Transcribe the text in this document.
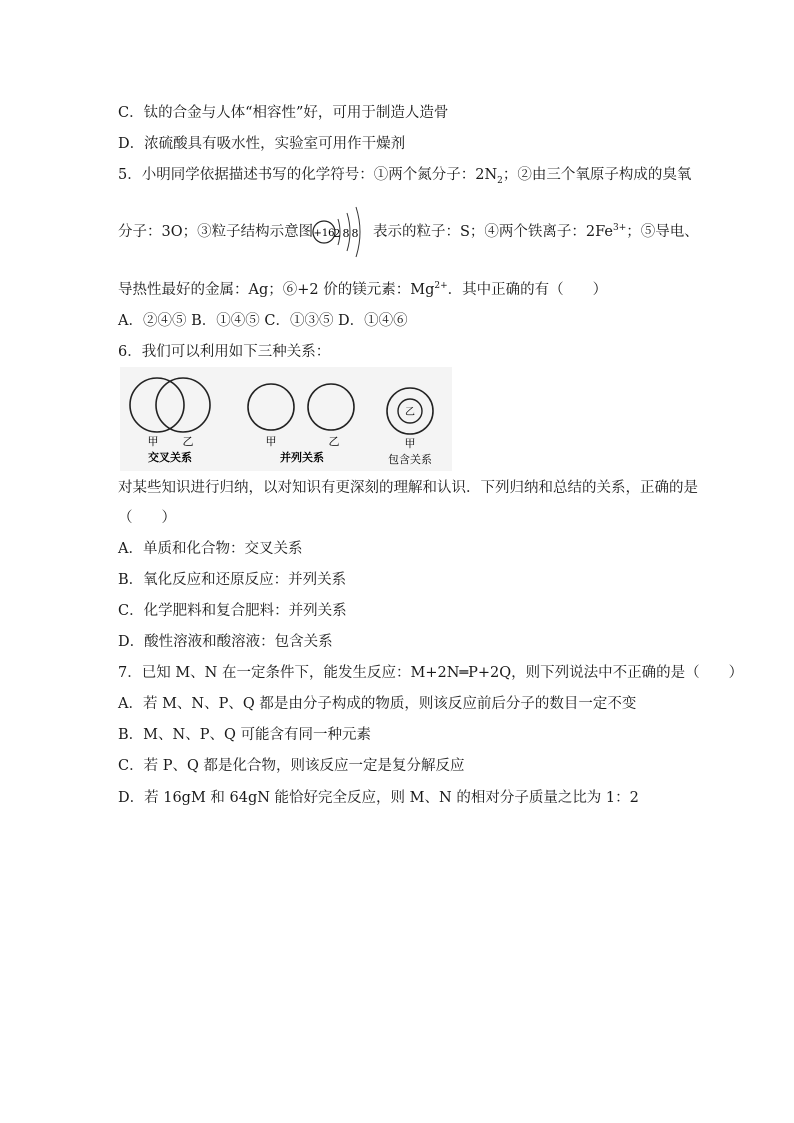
C．钛的合金与人体“相容性”好，可用于制造人造骨
D．浓硫酸具有吸水性，实验室可用作干燥剂
5．小明同学依据描述书写的化学符号：①两个氮分子：$2N_2$；②由三个氧原子构成的臭氧
分子：3O；③粒子结构示意图 +16
288 表示的粒子：S；④两个铁离子：$2Fe^{3+}$；⑤导电、
导热性最好的金属：Ag；⑥+2 价的镁元素：$Mg^{2+}$．其中正确的有（　　）
A．②④⑤ B．①④⑤ C．①③⑤ D．①④⑥
6．我们可以利用如下三种关系：
甲 乙
交叉关系
甲	乙
并列关系
乙
甲
包含关系
对某些知识进行归纳，以对知识有更深刻的理解和认识．下列归纳和总结的关系，正确的是
（　　）
A．单质和化合物：交叉关系
B．氧化反应和还原反应：并列关系
C．化学肥料和复合肥料：并列关系
D．酸性溶液和酸溶液：包含关系
7．已知 M、N 在一定条件下，能发生反应：M+2N═P+2Q，则下列说法中不正确的是（　　）
A．若 M、N、P、Q 都是由分子构成的物质，则该反应前后分子的数目一定不变
B．M、N、P、Q 可能含有同一种元素
C．若 P、Q 都是化合物，则该反应一定是复分解反应
D．若 16gM 和 64gN 能恰好完全反应，则 M、N 的相对分子质量之比为 1：2
